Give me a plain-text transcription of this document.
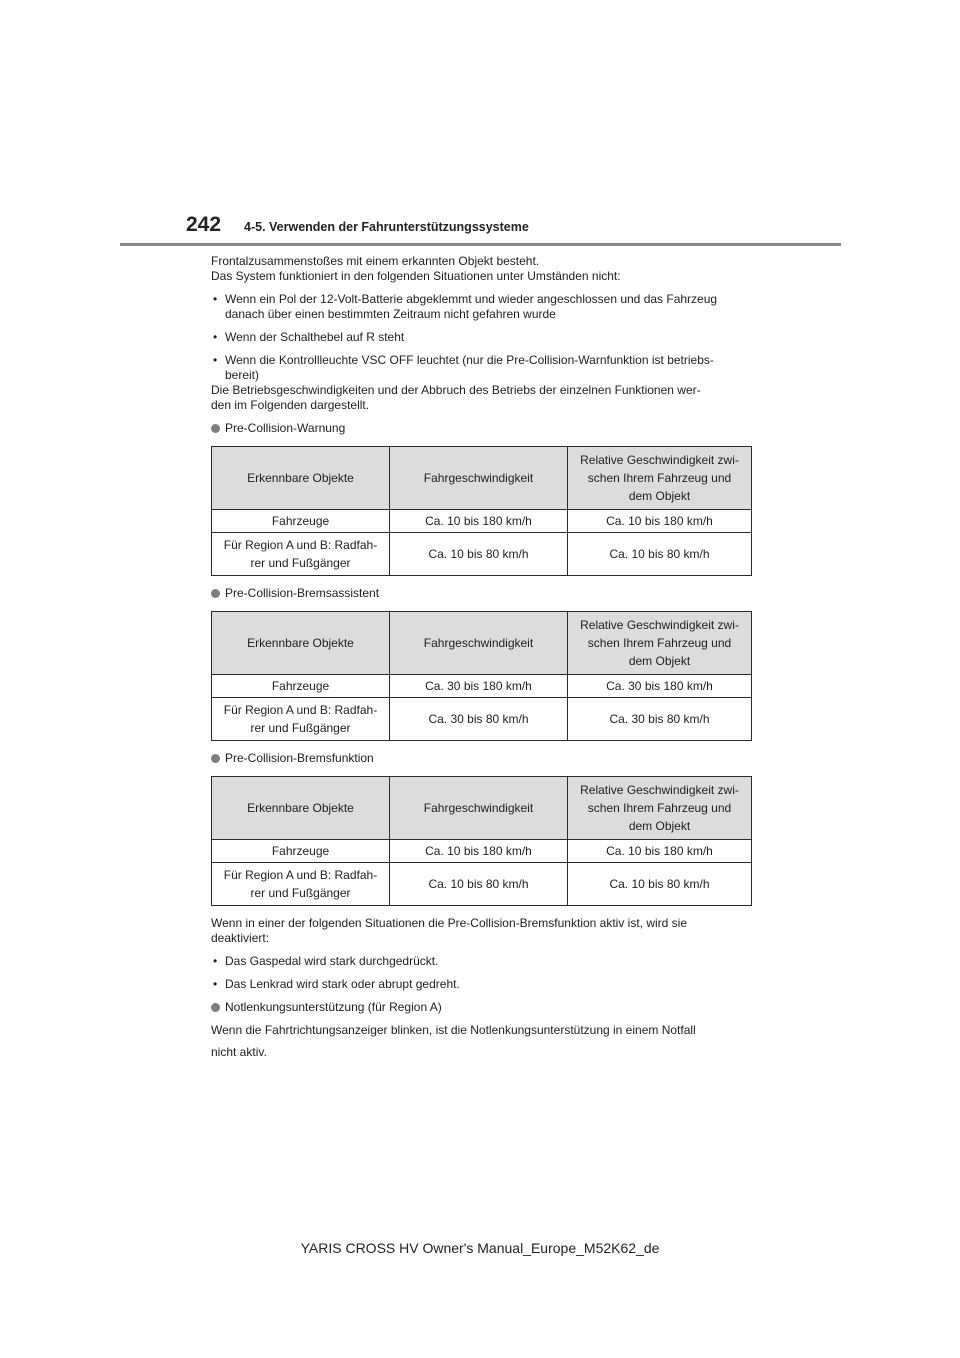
242 4-5. Verwenden der Fahrunterstützungssysteme

Frontalzusammenstoßes mit einem erkannten Objekt besteht.
Das System funktioniert in den folgenden Situationen unter Umständen nicht:

• Wenn ein Pol der 12-Volt-Batterie abgeklemmt und wieder angeschlossen und das Fahrzeug
danach über einen bestimmten Zeitraum nicht gefahren wurde
• Wenn der Schalthebel auf R steht
• Wenn die Kontrollleuchte VSC OFF leuchtet (nur die Pre-Collision-Warnfunktion ist betriebs-
bereit)

Die Betriebsgeschwindigkeiten und der Abbruch des Betriebs der einzelnen Funktionen wer-
den im Folgenden dargestellt.

Pre-Collision-Warnung
Erkennbare Objekte	Fahrgeschwindigkeit	Relative Geschwindigkeit zwi-
schen Ihrem Fahrzeug und
dem Objekt

Fahrzeuge	Ca. 10 bis 180 km/h	Ca. 10 bis 180 km/h

Für Region A und B: Radfah-
rer und Fußgänger	Ca. 10 bis 80 km/h	Ca. 10 bis 80 km/h
Pre-Collision-Bremsassistent
Erkennbare Objekte	Fahrgeschwindigkeit	Relative Geschwindigkeit zwi-
schen Ihrem Fahrzeug und
dem Objekt

Fahrzeuge	Ca. 30 bis 180 km/h	Ca. 30 bis 180 km/h

Für Region A und B: Radfah-
rer und Fußgänger	Ca. 30 bis 80 km/h	Ca. 30 bis 80 km/h
Pre-Collision-Bremsfunktion
Erkennbare Objekte	Fahrgeschwindigkeit	Relative Geschwindigkeit zwi-
schen Ihrem Fahrzeug und
dem Objekt

Fahrzeuge	Ca. 10 bis 180 km/h	Ca. 10 bis 180 km/h

Für Region A und B: Radfah-
rer und Fußgänger	Ca. 10 bis 80 km/h	Ca. 10 bis 80 km/h

Wenn in einer der folgenden Situationen die Pre-Collision-Bremsfunktion aktiv ist, wird sie
deaktiviert:

• Das Gaspedal wird stark durchgedrückt.
• Das Lenkrad wird stark oder abrupt gedreht.
Notlenkungsunterstützung (für Region A)

Wenn die Fahrtrichtungsanzeiger blinken, ist die Notlenkungsunterstützung in einem Notfall
nicht aktiv.

YARIS CROSS HV Owner's Manual_Europe_M52K62_de
